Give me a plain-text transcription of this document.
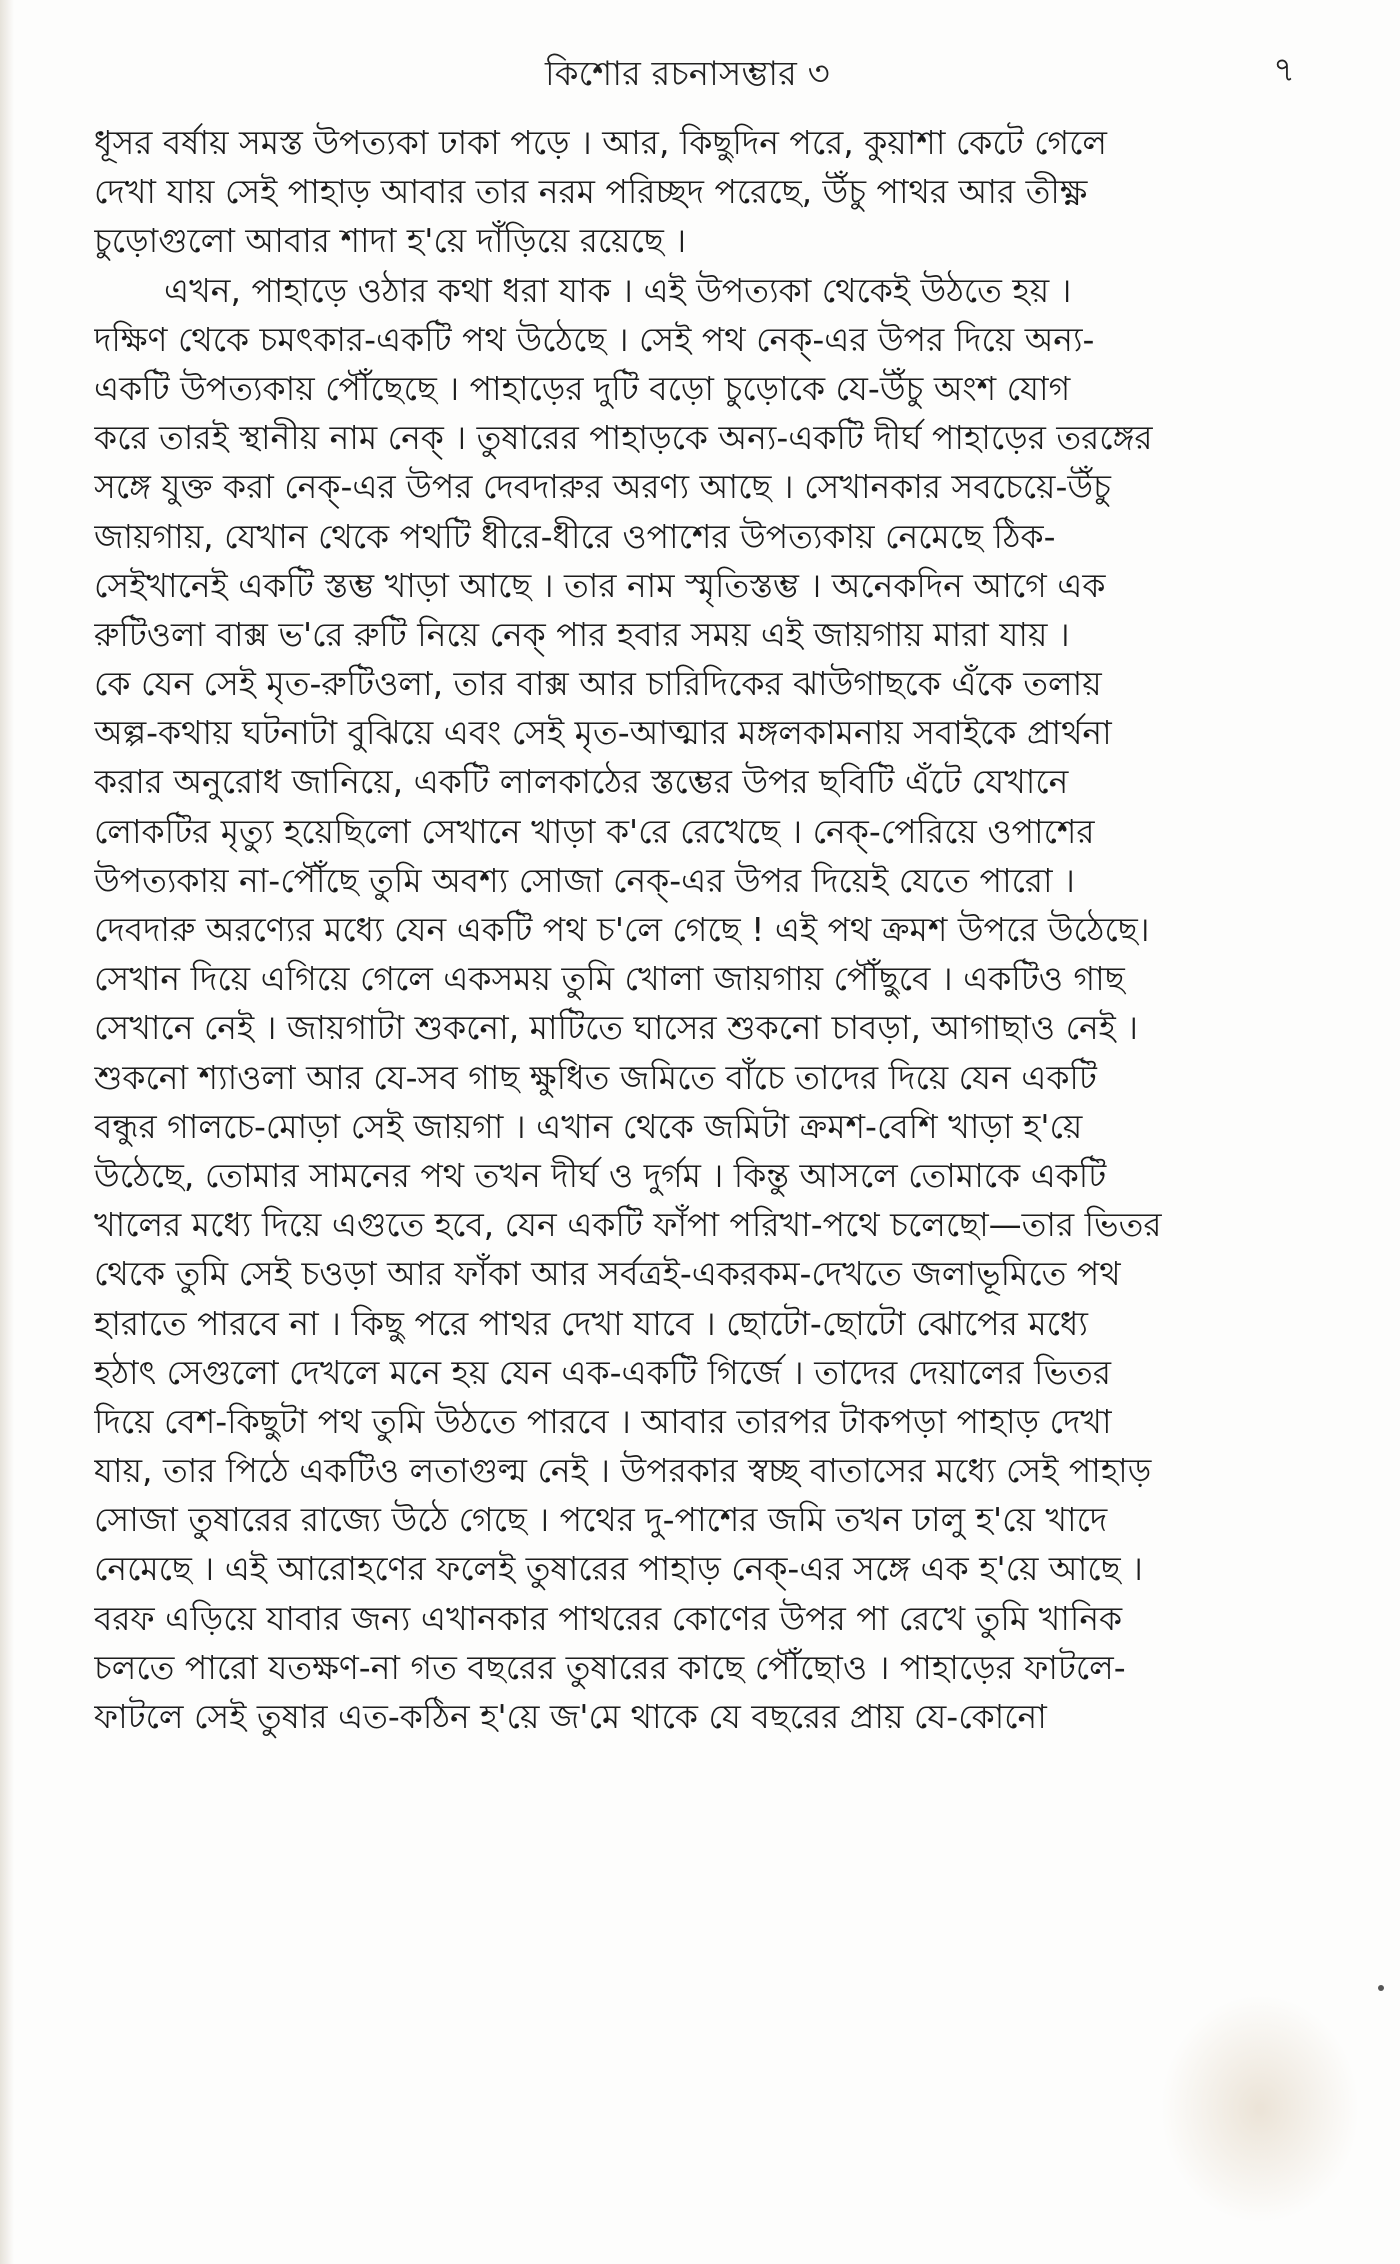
কিশোর রচনাসম্ভার ৩	৭
ধূসর বর্ষায় সমস্ত উপত্যকা ঢাকা পড়ে । আর, কিছুদিন পরে, কুয়াশা কেটে গেলে
দেখা যায় সেই পাহাড় আবার তার নরম পরিচ্ছদ পরেছে, উঁচু পাথর আর তীক্ষ্ণ
চুড়োগুলো আবার শাদা হ'য়ে দাঁড়িয়ে রয়েছে ।
এখন, পাহাড়ে ওঠার কথা ধরা যাক । এই উপত্যকা থেকেই উঠতে হয় ।
দক্ষিণ থেকে চমৎকার-একটি পথ উঠেছে । সেই পথ নেক্-এর উপর দিয়ে অন্য-
একটি উপত্যকায় পৌঁছেছে । পাহাড়ের দুটি বড়ো চুড়োকে যে-উঁচু অংশ যোগ
করে তারই স্থানীয় নাম নেক্ । তুষারের পাহাড়কে অন্য-একটি দীর্ঘ পাহাড়ের তরঙ্গের
সঙ্গে যুক্ত করা নেক্-এর উপর দেবদারুর অরণ্য আছে । সেখানকার সবচেয়ে-উঁচু
জায়গায়, যেখান থেকে পথটি ধীরে-ধীরে ওপাশের উপত্যকায় নেমেছে ঠিক-
সেইখানেই একটি স্তম্ভ খাড়া আছে । তার নাম স্মৃতিস্তম্ভ । অনেকদিন আগে এক
রুটিওলা বাক্স ভ'রে রুটি নিয়ে নেক্ পার হবার সময় এই জায়গায় মারা যায় ।
কে যেন সেই মৃত-রুটিওলা, তার বাক্স আর চারিদিকের ঝাউগাছকে এঁকে তলায়
অল্প-কথায় ঘটনাটা বুঝিয়ে এবং সেই মৃত-আত্মার মঙ্গলকামনায় সবাইকে প্রার্থনা
করার অনুরোধ জানিয়ে, একটি লালকাঠের স্তম্ভের উপর ছবিটি এঁটে যেখানে
লোকটির মৃত্যু হয়েছিলো সেখানে খাড়া ক'রে রেখেছে । নেক্-পেরিয়ে ওপাশের
উপত্যকায় না-পৌঁছে তুমি অবশ্য সোজা নেক্-এর উপর দিয়েই যেতে পারো ।
দেবদারু অরণ্যের মধ্যে যেন একটি পথ চ'লে গেছে ! এই পথ ক্রমশ উপরে উঠেছে।
সেখান দিয়ে এগিয়ে গেলে একসময় তুমি খোলা জায়গায় পৌঁছুবে । একটিও গাছ
সেখানে নেই । জায়গাটা শুকনো, মাটিতে ঘাসের শুকনো চাবড়া, আগাছাও নেই ।
শুকনো শ্যাওলা আর যে-সব গাছ ক্ষুধিত জমিতে বাঁচে তাদের দিয়ে যেন একটি
বন্ধুর গালচে-মোড়া সেই জায়গা । এখান থেকে জমিটা ক্রমশ-বেশি খাড়া হ'য়ে
উঠেছে, তোমার সামনের পথ তখন দীর্ঘ ও দুর্গম । কিন্তু আসলে তোমাকে একটি
খালের মধ্যে দিয়ে এগুতে হবে, যেন একটি ফাঁপা পরিখা-পথে চলেছো—তার ভিতর
থেকে তুমি সেই চওড়া আর ফাঁকা আর সর্বত্রই-একরকম-দেখতে জলাভূমিতে পথ
হারাতে পারবে না । কিছু পরে পাথর দেখা যাবে । ছোটো-ছোটো ঝোপের মধ্যে
হঠাৎ সেগুলো দেখলে মনে হয় যেন এক-একটি গির্জে । তাদের দেয়ালের ভিতর
দিয়ে বেশ-কিছুটা পথ তুমি উঠতে পারবে । আবার তারপর টাকপড়া পাহাড় দেখা
যায়, তার পিঠে একটিও লতাগুল্ম নেই । উপরকার স্বচ্ছ বাতাসের মধ্যে সেই পাহাড়
সোজা তুষারের রাজ্যে উঠে গেছে । পথের দু-পাশের জমি তখন ঢালু হ'য়ে খাদে
নেমেছে । এই আরোহণের ফলেই তুষারের পাহাড় নেক্-এর সঙ্গে এক হ'য়ে আছে ।
বরফ এড়িয়ে যাবার জন্য এখানকার পাথরের কোণের উপর পা রেখে তুমি খানিক
চলতে পারো যতক্ষণ-না গত বছরের তুষারের কাছে পৌঁছোও । পাহাড়ের ফাটলে-
ফাটলে সেই তুষার এত-কঠিন হ'য়ে জ'মে থাকে যে বছরের প্রায় যে-কোনো
